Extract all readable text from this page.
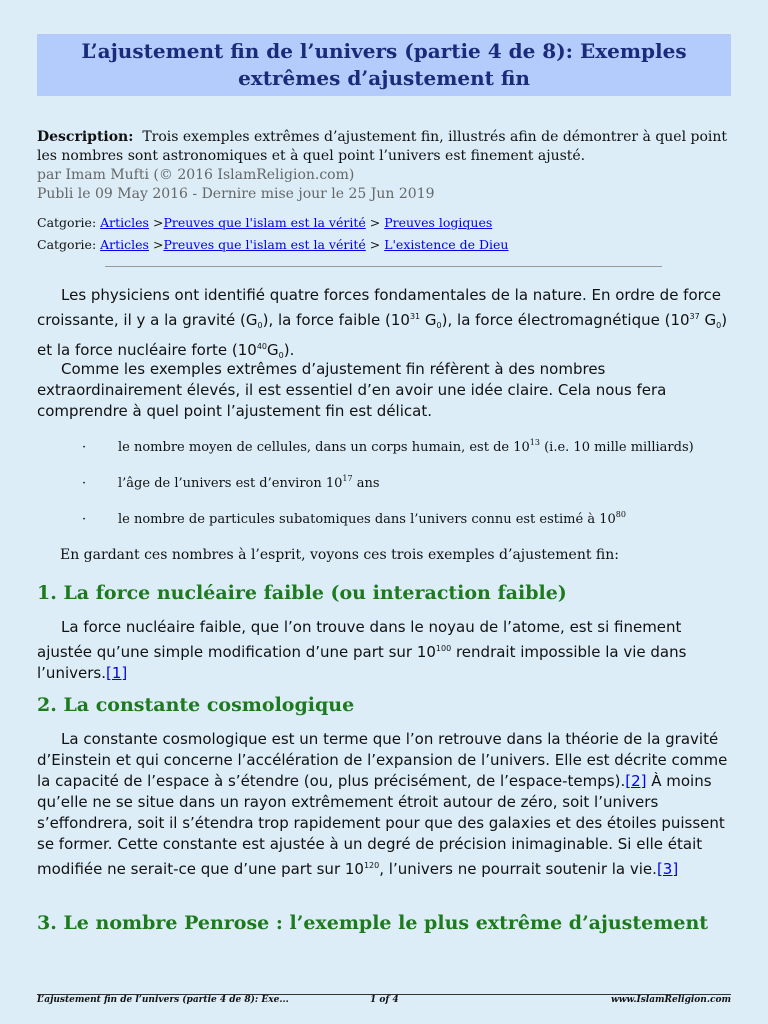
L’ajustement fin de l’univers (partie 4 de 8): Exemples extrêmes d’ajustement fin
Description: Trois exemples extrêmes d’ajustement fin, illustrés afin de démontrer à quel point les nombres sont astronomiques et à quel point l’univers est finement ajusté.
par Imam Mufti (© 2016 IslamReligion.com)
Publi le 09 May 2016 - Dernire mise jour le 25 Jun 2019
Catgorie: Articles >Preuves que l'islam est la vérité > Preuves logiques
Catgorie: Articles >Preuves que l'islam est la vérité > L'existence de Dieu
Les physiciens ont identifié quatre forces fondamentales de la nature. En ordre de force croissante, il y a la gravité $(G_0)$, la force faible ($10^{31}$ $G_0$), la force électromagnétique ($10^{37}$ $G_0$) et la force nucléaire forte $(10^{40}G_0)$.
Comme les exemples extrêmes d’ajustement fin réfèrent à des nombres extraordinairement élevés, il est essentiel d’en avoir une idée claire. Cela nous fera comprendre à quel point l’ajustement fin est délicat.
· le nombre moyen de cellules, dans un corps humain, est de $10^{13}$ (i.e. 10 mille milliards)
· l’âge de l’univers est d’environ $10^{17}$ ans
· le nombre de particules subatomiques dans l’univers connu est estimé à $10^{80}$
En gardant ces nombres à l’esprit, voyons ces trois exemples d’ajustement fin:
1. La force nucléaire faible (ou interaction faible)
La force nucléaire faible, que l’on trouve dans le noyau de l’atome, est si finement ajustée qu’une simple modification d’une part sur $10^{100}$ rendrait impossible la vie dans l’univers.[1]
2. La constante cosmologique
La constante cosmologique est un terme que l’on retrouve dans la théorie de la gravité d’Einstein et qui concerne l’accélération de l’expansion de l’univers. Elle est décrite comme la capacité de l’espace à s’étendre (ou, plus précisément, de l’espace-temps).[2] À moins qu’elle ne se situe dans un rayon extrêmement étroit autour de zéro, soit l’univers s’effondrera, soit il s’étendra trop rapidement pour que des galaxies et des étoiles puissent se former. Cette constante est ajustée à un degré de précision inimaginable. Si elle était modifiée ne serait-ce que d’une part sur $10^{120}$, l’univers ne pourrait soutenir la vie.[3]
3. Le nombre Penrose : l’exemple le plus extrême d’ajustement
L’ajustement fin de l’univers (partie 4 de 8): Exe...	1 of 4	www.IslamReligion.com
